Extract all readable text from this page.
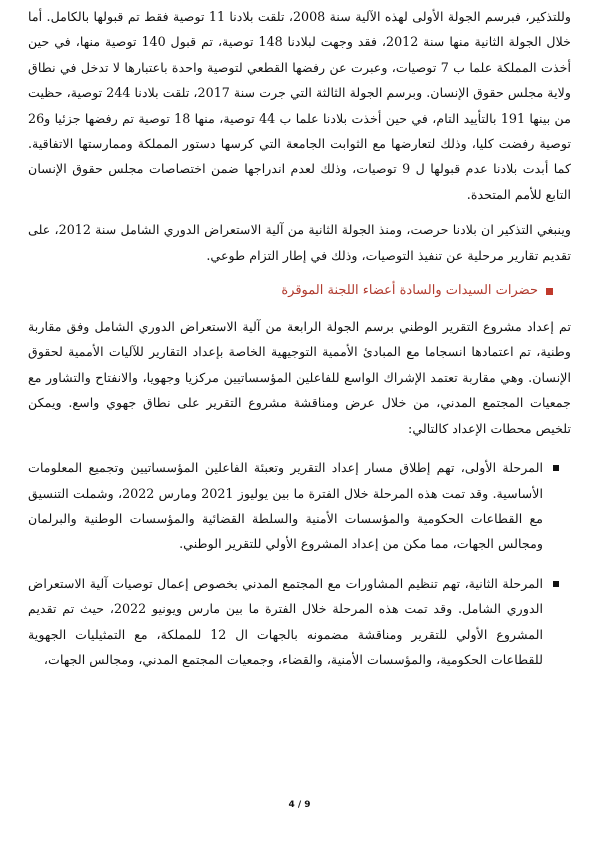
وللتذكير، فبرسم الجولة الأولى لهذه الآلية سنة 2008، تلقت بلادنا 11 توصية فقط تم قبولها بالكامل. أما خلال الجولة الثانية منها سنة 2012، فقد وجهت لبلادنا 148 توصية، تم قبول 140 توصية منها، في حين أخذت المملكة علما ب 7 توصيات، وعبرت عن رفضها القطعي لتوصية واحدة باعتبارها لا تدخل في نطاق ولاية مجلس حقوق الإنسان. وبرسم الجولة الثالثة التي جرت سنة 2017، تلقت بلادنا 244 توصية، حظيت من بينها 191 بالتأييد التام، في حين أخذت بلادنا علما ب 44 توصية، منها 18 توصية تم رفضها جزئيا و26 توصية رفضت كليا، وذلك لتعارضها مع الثوابت الجامعة التي كرسها دستور المملكة وممارستها الاتفاقية. كما أبدت بلادنا عدم قبولها ل 9 توصيات، وذلك لعدم اندراجها ضمن اختصاصات مجلس حقوق الإنسان التابع للأمم المتحدة.

وينبغي التذكير ان بلادنا حرصت، ومنذ الجولة الثانية من آلية الاستعراض الدوري الشامل سنة 2012، على تقديم تقارير مرحلية عن تنفيذ التوصيات، وذلك في إطار التزام طوعي.

حضرات السيدات والسادة أعضاء اللجنة الموقرة

تم إعداد مشروع التقرير الوطني برسم الجولة الرابعة من آلية الاستعراض الدوري الشامل وفق مقاربة وطنية، تم اعتمادها انسجاما مع المبادئ الأممية التوجيهية الخاصة بإعداد التقارير للآليات الأممية لحقوق الإنسان. وهي مقاربة تعتمد الإشراك الواسع للفاعلين المؤسساتيين مركزيا وجهويا، والانفتاح والتشاور مع جمعيات المجتمع المدني، من خلال عرض ومناقشة مشروع التقرير على نطاق جهوي واسع. ويمكن تلخيص محطات الإعداد كالتالي:

المرحلة الأولى، تهم إطلاق مسار إعداد التقرير وتعبئة الفاعلين المؤسساتيين وتجميع المعلومات الأساسية. وقد تمت هذه المرحلة خلال الفترة ما بين يوليوز 2021 ومارس 2022، وشملت التنسيق مع القطاعات الحكومية والمؤسسات الأمنية والسلطة القضائية والمؤسسات الوطنية والبرلمان ومجالس الجهات، مما مكن من إعداد المشروع الأولي للتقرير الوطني.

المرحلة الثانية، تهم تنظيم المشاورات مع المجتمع المدني بخصوص إعمال توصيات آلية الاستعراض الدوري الشامل. وقد تمت هذه المرحلة خلال الفترة ما بين مارس ويونيو 2022، حيث تم تقديم المشروع الأولي للتقرير ومناقشة مضمونه بالجهات ال 12 للمملكة، مع التمثيليات الجهوية للقطاعات الحكومية، والمؤسسات الأمنية، والقضاء، وجمعيات المجتمع المدني، ومجالس الجهات،

4 / 9
